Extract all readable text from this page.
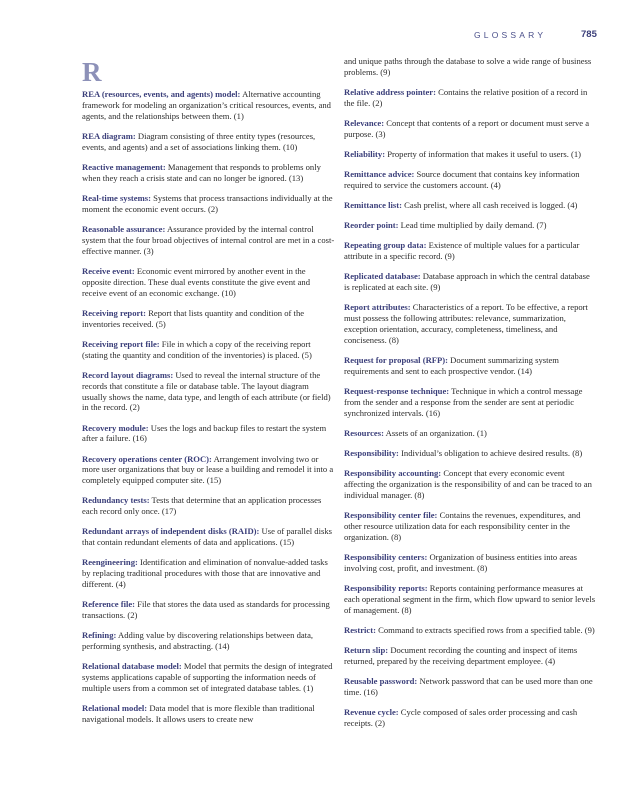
GLOSSARY	785
R
REA (resources, events, and agents) model: Alternative accounting framework for modeling an organization’s critical resources, events, and agents, and the relationships between them. (1)
REA diagram: Diagram consisting of three entity types (resources, events, and agents) and a set of associations linking them. (10)
Reactive management: Management that responds to problems only when they reach a crisis state and can no longer be ignored. (13)
Real-time systems: Systems that process transactions individually at the moment the economic event occurs. (2)
Reasonable assurance: Assurance provided by the internal control system that the four broad objectives of internal control are met in a cost-effective manner. (3)
Receive event: Economic event mirrored by another event in the opposite direction. These dual events constitute the give event and receive event of an economic exchange. (10)
Receiving report: Report that lists quantity and condition of the inventories received. (5)
Receiving report file: File in which a copy of the receiving report (stating the quantity and condition of the inventories) is placed. (5)
Record layout diagrams: Used to reveal the internal structure of the records that constitute a file or database table. The layout diagram usually shows the name, data type, and length of each attribute (or field) in the record. (2)
Recovery module: Uses the logs and backup files to restart the system after a failure. (16)
Recovery operations center (ROC): Arrangement involving two or more user organizations that buy or lease a building and remodel it into a completely equipped computer site. (15)
Redundancy tests: Tests that determine that an application processes each record only once. (17)
Redundant arrays of independent disks (RAID): Use of parallel disks that contain redundant elements of data and applications. (15)
Reengineering: Identification and elimination of nonvalue-added tasks by replacing traditional procedures with those that are innovative and different. (4)
Reference file: File that stores the data used as standards for processing transactions. (2)
Refining: Adding value by discovering relationships between data, performing synthesis, and abstracting. (14)
Relational database model: Model that permits the design of integrated systems applications capable of supporting the information needs of multiple users from a common set of integrated database tables. (1)
Relational model: Data model that is more flexible than traditional navigational models. It allows users to create new
and unique paths through the database to solve a wide range of business problems. (9)
Relative address pointer: Contains the relative position of a record in the file. (2)
Relevance: Concept that contents of a report or document must serve a purpose. (3)
Reliability: Property of information that makes it useful to users. (1)
Remittance advice: Source document that contains key information required to service the customers account. (4)
Remittance list: Cash prelist, where all cash received is logged. (4)
Reorder point: Lead time multiplied by daily demand. (7)
Repeating group data: Existence of multiple values for a particular attribute in a specific record. (9)
Replicated database: Database approach in which the central database is replicated at each site. (9)
Report attributes: Characteristics of a report. To be effective, a report must possess the following attributes: relevance, summarization, exception orientation, accuracy, completeness, timeliness, and conciseness. (8)
Request for proposal (RFP): Document summarizing system requirements and sent to each prospective vendor. (14)
Request-response technique: Technique in which a control message from the sender and a response from the sender are sent at periodic synchronized intervals. (16)
Resources: Assets of an organization. (1)
Responsibility: Individual’s obligation to achieve desired results. (8)
Responsibility accounting: Concept that every economic event affecting the organization is the responsibility of and can be traced to an individual manager. (8)
Responsibility center file: Contains the revenues, expenditures, and other resource utilization data for each responsibility center in the organization. (8)
Responsibility centers: Organization of business entities into areas involving cost, profit, and investment. (8)
Responsibility reports: Reports containing performance measures at each operational segment in the firm, which flow upward to senior levels of management. (8)
Restrict: Command to extracts specified rows from a specified table. (9)
Return slip: Document recording the counting and inspect of items returned, prepared by the receiving department employee. (4)
Reusable password: Network password that can be used more than one time. (16)
Revenue cycle: Cycle composed of sales order processing and cash receipts. (2)
